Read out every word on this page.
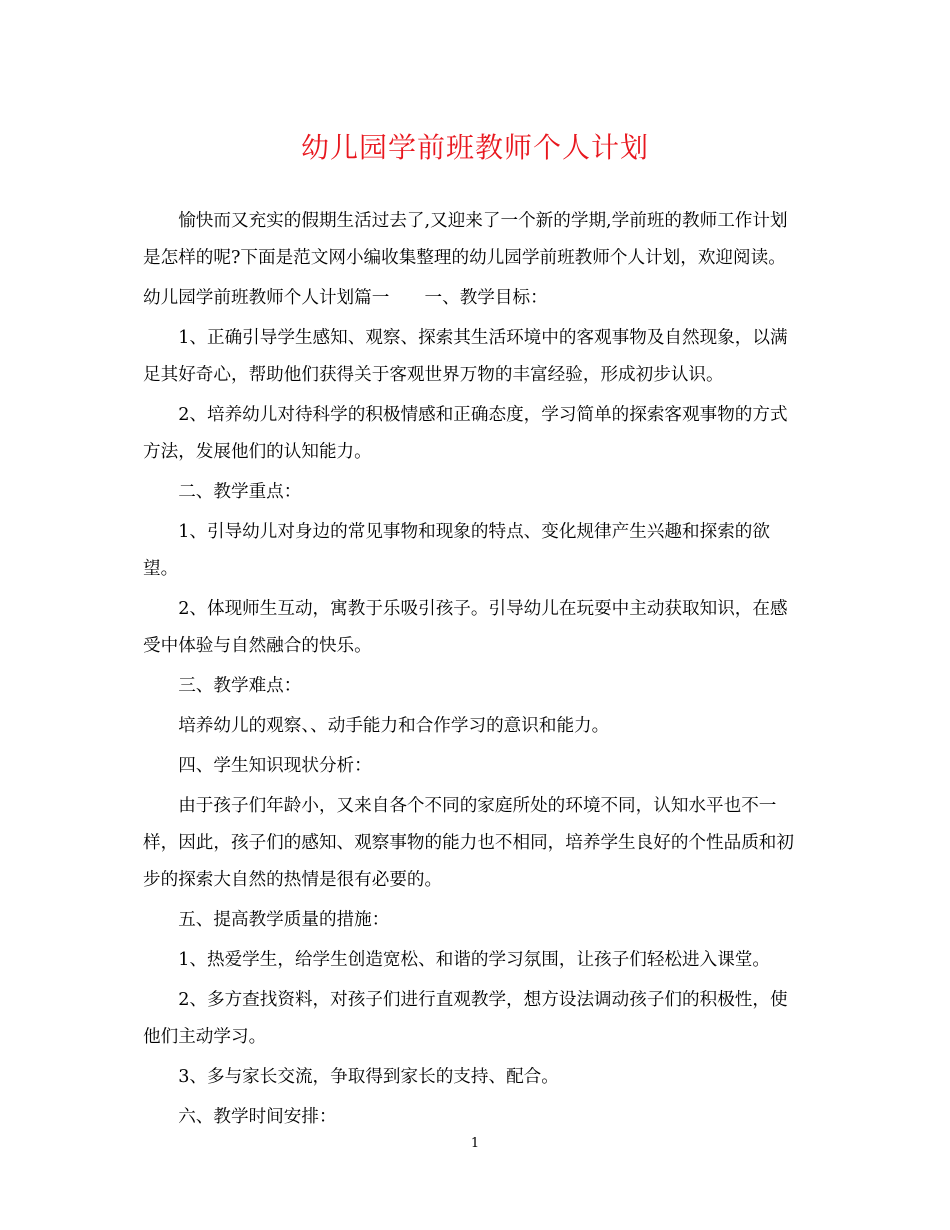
幼儿园学前班教师个人计划

愉快而又充实的假期生活过去了,又迎来了一个新的学期,学前班的教师工作计划是怎样的呢?下面是范文网小编收集整理的幼儿园学前班教师个人计划，欢迎阅读。

幼儿园学前班教师个人计划篇一　　一、教学目标：

1、正确引导学生感知、观察、探索其生活环境中的客观事物及自然现象，以满足其好奇心，帮助他们获得关于客观世界万物的丰富经验，形成初步认识。

2、培养幼儿对待科学的积极情感和正确态度，学习简单的探索客观事物的方式方法，发展他们的认知能力。

二、教学重点：

1、引导幼儿对身边的常见事物和现象的特点、变化规律产生兴趣和探索的欲望。

2、体现师生互动，寓教于乐吸引孩子。引导幼儿在玩耍中主动获取知识，在感受中体验与自然融合的快乐。

三、教学难点：

培养幼儿的观察、、动手能力和合作学习的意识和能力。

四、学生知识现状分析：

由于孩子们年龄小，又来自各个不同的家庭所处的环境不同，认知水平也不一样，因此，孩子们的感知、观察事物的能力也不相同，培养学生良好的个性品质和初步的探索大自然的热情是很有必要的。

五、提高教学质量的措施：

1、热爱学生，给学生创造宽松、和谐的学习氛围，让孩子们轻松进入课堂。

2、多方查找资料，对孩子们进行直观教学，想方设法调动孩子们的积极性，使他们主动学习。

3、多与家长交流，争取得到家长的支持、配合。

六、教学时间安排：

1
